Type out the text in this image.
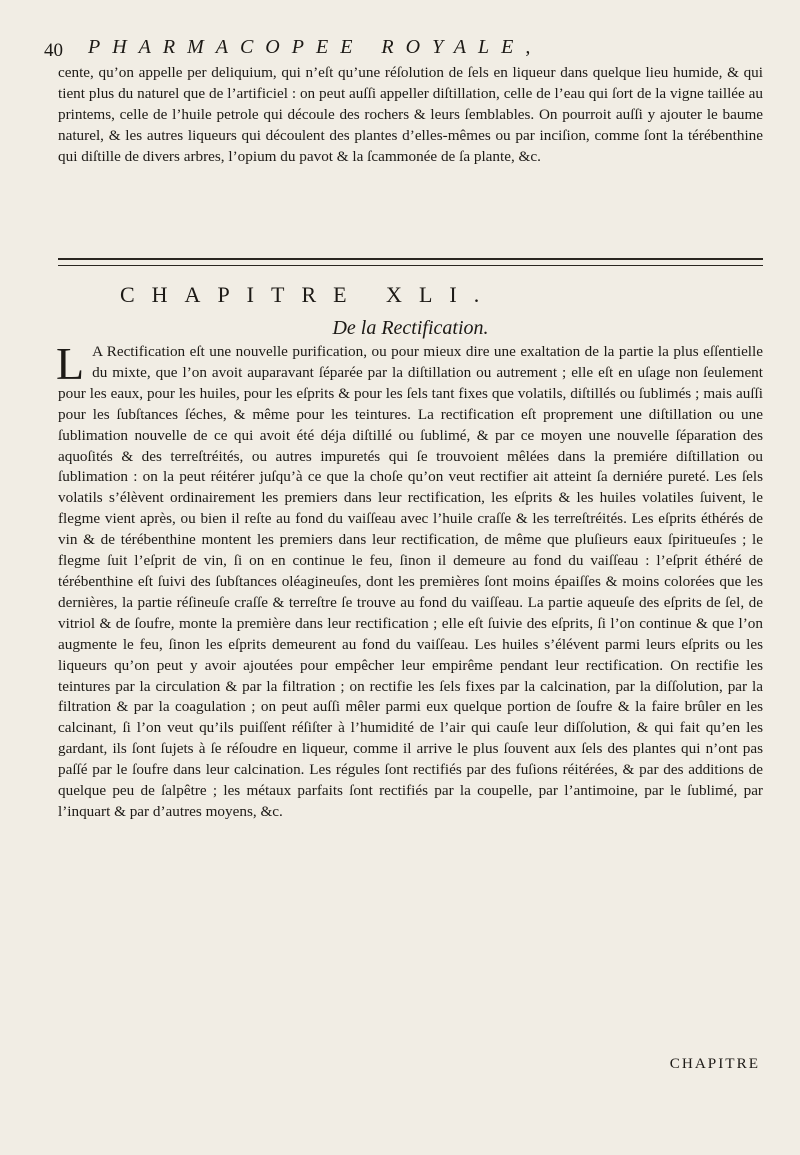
40 PHARMACOPEE ROYALE,

cente, qu’on appelle per deliquium, qui n’eſt qu’une réſolution de ſels en liqueur dans quelque lieu humide, & qui tient plus du naturel que de l’artificiel : on peut auſſi appeller diſtillation, celle de l’eau qui ſort de la vigne taillée au printems, celle de l’huile petrole qui découle des rochers & leurs ſemblables. On pourroit auſſi y ajouter le baume naturel, & les autres liqueurs qui découlent des plantes d’elles-mêmes ou par inciſion, comme ſont la térébenthine qui diſtille de divers arbres, l’opium du pavot & la ſcammonée de ſa plante, &c.

CHAPITRE XLI.
De la Rectification.
L A Rectification eſt une nouvelle purification, ou pour mieux dire une exaltation de la partie la plus eſſentielle du mixte, que l’on avoit auparavant ſéparée par la diſtillation ou autrement ; elle eſt en uſage non ſeulement pour les eaux, pour les huiles, pour les eſprits & pour les ſels tant fixes que volatils, diſtillés ou ſublimés ; mais auſſi pour les ſubſtances ſéches, & même pour les teintures. La rectification eſt proprement une diſtillation ou une ſublimation nouvelle de ce qui avoit été déja diſtillé ou ſublimé, & par ce moyen une nouvelle ſéparation des aquoſités & des terreſtréités, ou autres impuretés qui ſe trouvoient mêlées dans la premiére diſtillation ou ſublimation : on la peut réitérer juſqu’à ce que la choſe qu’on veut rectifier ait atteint ſa derniére pureté. Les ſels volatils s’élèvent ordinairement les premiers dans leur rectification, les eſprits & les huiles volatiles ſuivent, le flegme vient après, ou bien il reſte au fond du vaiſſeau avec l’huile craſſe & les terreſtréités. Les eſprits éthérés de vin & de térébenthine montent les premiers dans leur rectification, de même que pluſieurs eaux ſpiritueuſes ; le flegme ſuit l’eſprit de vin, ſi on en continue le feu, ſinon il demeure au fond du vaiſſeau : l’eſprit éthéré de térébenthine eſt ſuivi des ſubſtances oléagineuſes, dont les premières ſont moins épaiſſes & moins colorées que les dernières, la partie réſineuſe craſſe & terreſtre ſe trouve au fond du vaiſſeau. La partie aqueuſe des eſprits de ſel, de vitriol & de ſoufre, monte la première dans leur rectification ; elle eſt ſuivie des eſprits, ſi l’on continue & que l’on augmente le feu, ſinon les eſprits demeurent au fond du vaiſſeau. Les huiles s’élévent parmi leurs eſprits ou les liqueurs qu’on peut y avoir ajoutées pour empêcher leur empirême pendant leur rectification. On rectifie les teintures par la circulation & par la filtration ; on rectifie les ſels fixes par la calcination, par la diſſolution, par la filtration & par la coagulation ; on peut auſſi mêler parmi eux quelque portion de ſoufre & la faire brûler en les calcinant, ſi l’on veut qu’ils puiſſent réſiſter à l’humidité de l’air qui cauſe leur diſſolution, & qui fait qu’en les gardant, ils ſont ſujets à ſe réſoudre en liqueur, comme il arrive le plus ſouvent aux ſels des plantes qui n’ont pas paſſé par le ſoufre dans leur calcination. Les régules ſont rectifiés par des fuſions réitérées, & par des additions de quelque peu de ſalpêtre ; les métaux parfaits ſont rectifiés par la coupelle, par l’antimoine, par le ſublimé, par l’inquart & par d’autres moyens, &c.

CHAPITRE
